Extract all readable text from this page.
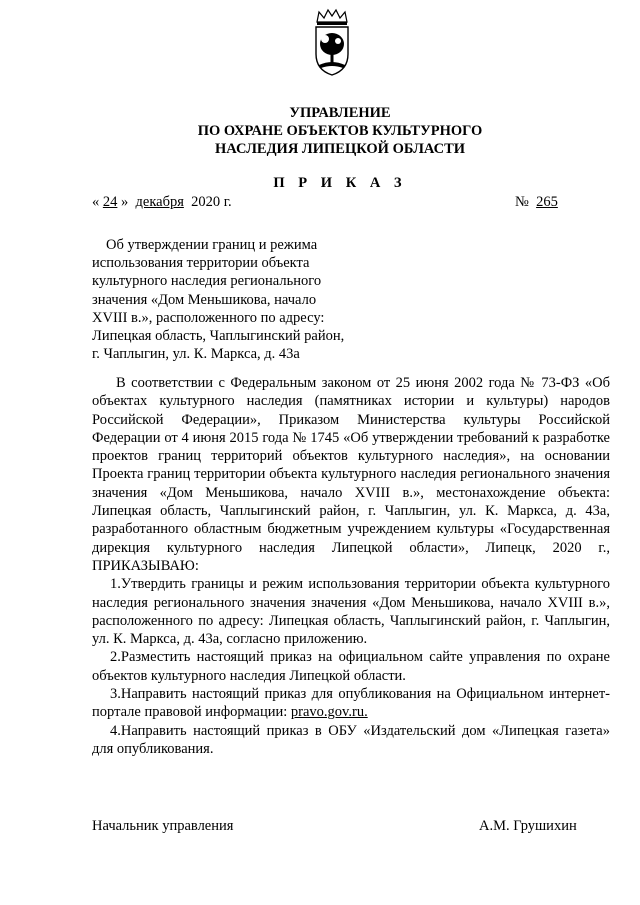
УПРАВЛЕНИЕ
ПО ОХРАНЕ ОБЪЕКТОВ КУЛЬТУРНОГО
НАСЛЕДИЯ ЛИПЕЦКОЙ ОБЛАСТИ
П Р И К А З
« 24 » декабря 2020 г.	№ 265
Об утверждении границ и режима
использования территории объекта
культурного наследия регионального
значения «Дом Меньшикова, начало
XVIII в.», расположенного по адресу:
Липецкая область, Чаплыгинский район,
г. Чаплыгин, ул. К. Маркса, д. 43а

В соответствии с Федеральным законом от 25 июня 2002 года № 73-ФЗ «Об объектах культурного наследия (памятниках истории и культуры) народов Российской Федерации», Приказом Министерства культуры Российской Федерации от 4 июня 2015 года № 1745 «Об утверждении требований к разработке проектов границ территорий объектов культурного наследия», на основании Проекта границ территории объекта культурного наследия регионального значения значения «Дом Меньшикова, начало XVIII в.», местонахождение объекта: Липецкая область, Чаплыгинский район, г. Чаплыгин, ул. К. Маркса, д. 43а, разработанного областным бюджетным учреждением культуры «Государственная дирекция культурного наследия Липецкой области», Липецк, 2020 г., ПРИКАЗЫВАЮ:

1.Утвердить границы и режим использования территории объекта культурного наследия регионального значения значения «Дом Меньшикова, начало XVIII в.», расположенного по адресу: Липецкая область, Чаплыгинский район, г. Чаплыгин, ул. К. Маркса, д. 43а, согласно приложению.

2.Разместить настоящий приказ на официальном сайте управления по охране объектов культурного наследия Липецкой области.

3.Направить настоящий приказ для опубликования на Официальном интернет-портале правовой информации: pravo.gov.ru.

4.Направить настоящий приказ в ОБУ «Издательский дом «Липецкая газета» для опубликования.

Начальник управления	А.М. Грушихин
